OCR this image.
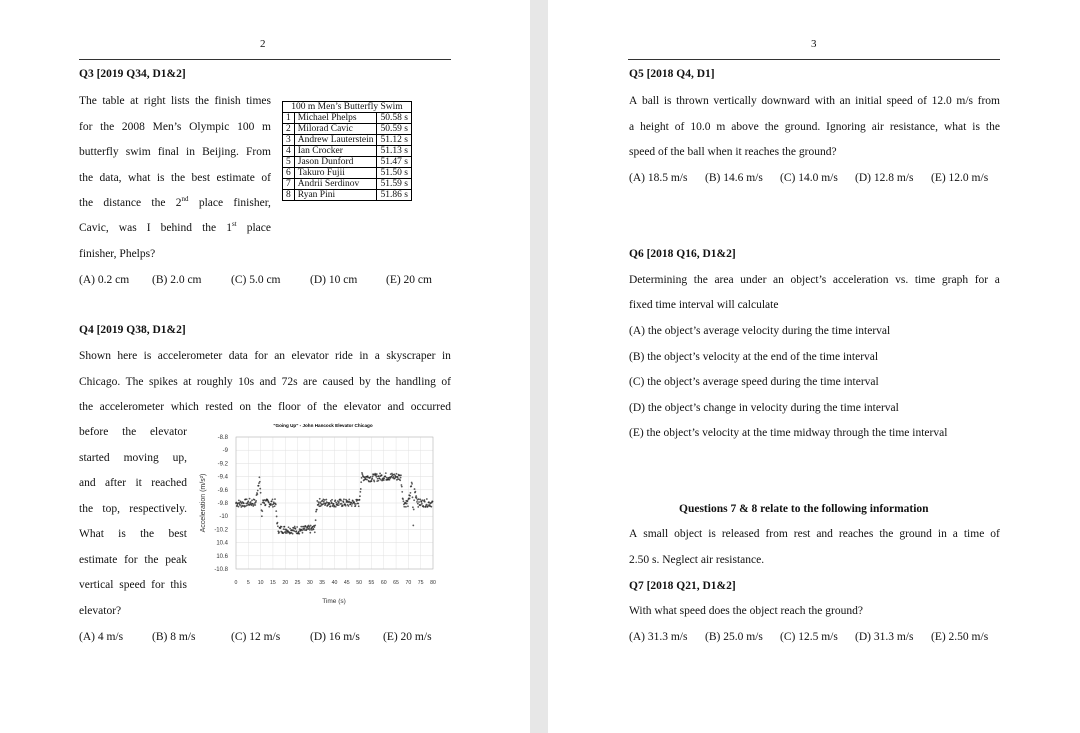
2
Q3 [2019 Q34, D1&2]
The table at right lists the finish times
for the 2008 Men’s Olympic 100 m
butterfly swim final in Beijing. From
the data, what is the best estimate of
the distance the 2nd place finisher,
Cavic, was I behind the 1st place
finisher, Phelps?
(A) 0.2 cm (B) 2.0 cm	(C) 5.0 cm	(D) 10 cm (E) 20 cm
100 m Men’s Butterfly Swim		
1	Michael Phelps	50.58 s
2	Milorad Cavic	50.59 s
3	Andrew Lauterstein	51.12 s
4	Ian Crocker	51.13 s
5	Jason Dunford	51.47 s
6	Takuro Fujii	51.50 s
7	Andrii Serdinov	51.59 s
8	Ryan Pini	51.86 s
Q4 [2019 Q38, D1&2]
Shown here is accelerometer data for an elevator ride in a skyscraper in
Chicago. The spikes at roughly 10s and 72s are caused by the handling of
the accelerometer which rested on the floor of the elevator and occurred
before the elevator
started moving up,
and after it reached
the top, respectively.
What is the best
estimate for the peak
vertical speed for this
elevator?
(A) 4 m/s	(B) 8 m/s	(C) 12 m/s	(D) 16 m/s (E) 20 m/s
"Going Up" - John Hancock Elevator Chicago
-8.8
-9
-9.2
-9.4
-9.6
-9.8
-10
-10.2
10.4
10.6
-10.8
0 5 10 15 20 25 30 35 40 45 50 55 60 65 70 75 80
Acceleration (m/s²)
Time (s)
3
Q5 [2018 Q4, D1]
A ball is thrown vertically downward with an initial speed of 12.0 m/s from
a height of 10.0 m above the ground. Ignoring air resistance, what is the
speed of the ball when it reaches the ground?
(A) 18.5 m/s (B) 14.6 m/s (C) 14.0 m/s (D) 12.8 m/s (E) 12.0 m/s
Q6 [2018 Q16, D1&2]
Determining the area under an object’s acceleration vs. time graph for a
fixed time interval will calculate
(A) the object’s average velocity during the time interval
(B) the object’s velocity at the end of the time interval
(C) the object’s average speed during the time interval
(D) the object’s change in velocity during the time interval
(E) the object’s velocity at the time midway through the time interval
Questions 7 & 8 relate to the following information
A small object is released from rest and reaches the ground in a time of
2.50 s. Neglect air resistance.
Q7 [2018 Q21, D1&2]
With what speed does the object reach the ground?
(A) 31.3 m/s (B) 25.0 m/s (C) 12.5 m/s (D) 31.3 m/s (E) 2.50 m/s
